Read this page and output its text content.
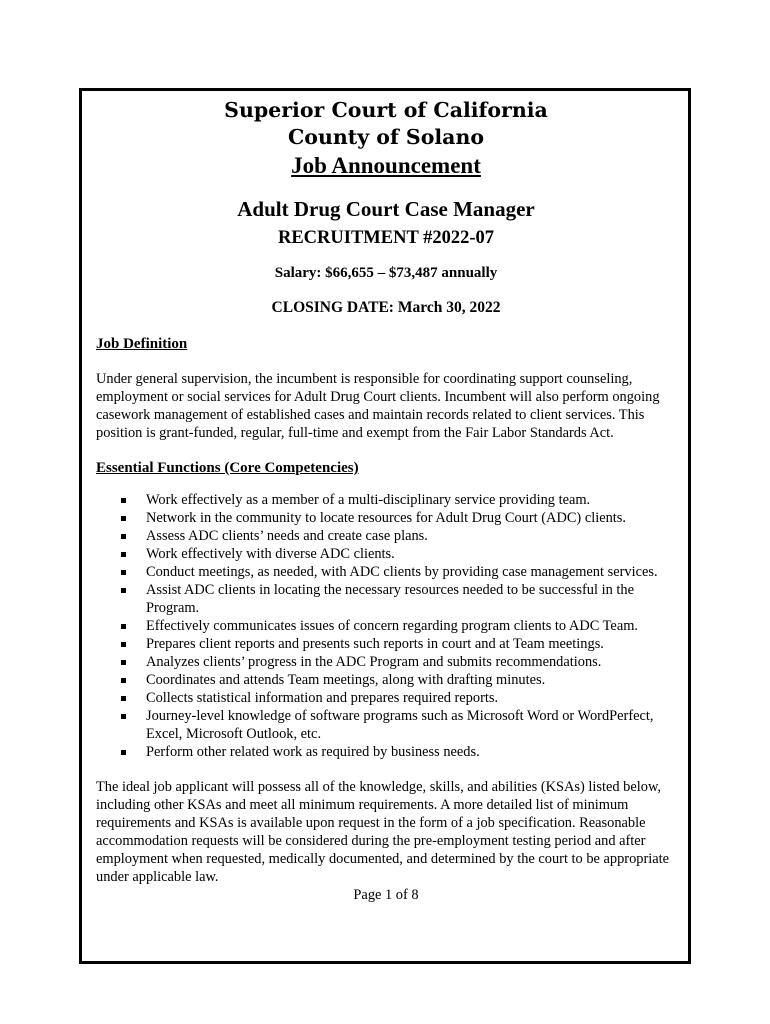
Superior Court of California
County of Solano
Job Announcement
Adult Drug Court Case Manager
RECRUITMENT #2022-07
Salary: $66,655 – $73,487 annually
CLOSING DATE: March 30, 2022
Job Definition
Under general supervision, the incumbent is responsible for coordinating support counseling, employment or social services for Adult Drug Court clients. Incumbent will also perform ongoing casework management of established cases and maintain records related to client services. This position is grant-funded, regular, full-time and exempt from the Fair Labor Standards Act.
Essential Functions (Core Competencies)
Work effectively as a member of a multi-disciplinary service providing team.
Network in the community to locate resources for Adult Drug Court (ADC) clients.
Assess ADC clients’ needs and create case plans.
Work effectively with diverse ADC clients.
Conduct meetings, as needed, with ADC clients by providing case management services.
Assist ADC clients in locating the necessary resources needed to be successful in the Program.
Effectively communicates issues of concern regarding program clients to ADC Team.
Prepares client reports and presents such reports in court and at Team meetings.
Analyzes clients’ progress in the ADC Program and submits recommendations.
Coordinates and attends Team meetings, along with drafting minutes.
Collects statistical information and prepares required reports.
Journey-level knowledge of software programs such as Microsoft Word or WordPerfect, Excel, Microsoft Outlook, etc.
Perform other related work as required by business needs.
The ideal job applicant will possess all of the knowledge, skills, and abilities (KSAs) listed below, including other KSAs and meet all minimum requirements. A more detailed list of minimum requirements and KSAs is available upon request in the form of a job specification. Reasonable accommodation requests will be considered during the pre-employment testing period and after employment when requested, medically documented, and determined by the court to be appropriate under applicable law.
Page 1 of 8
